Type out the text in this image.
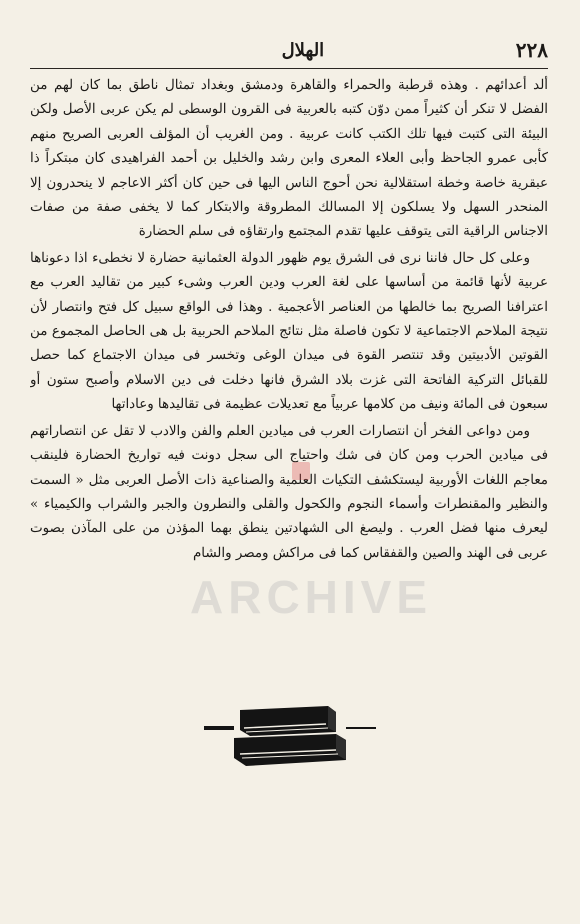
الهلال	٢٢٨

ألد أعدائهم . وهذه قرطبة والحمراء والقاهرة ودمشق وبغداد تمثال ناطق بما كان لهم من الفضل لا تنكر أن كثيراً ممن دوّن كتبه بالعربية فى القرون الوسطى لم يكن عربى الأصل ولكن البيئة التى كتبت فيها تلك الكتب كانت عربية . ومن الغريب أن المؤلف العربى الصريح منهم كأبى عمرو الجاحظ وأبى العلاء المعرى وابن رشد والخليل بن أحمد الفراهيدى كان مبتكراً ذا عبقرية خاصة وخطة استقلالية نحن أحوج الناس اليها فى حين كان أكثر الاعاجم لا ينحدرون إلا المنحدر السهل ولا يسلكون إلا المسالك المطروقة والابتكار كما لا يخفى صفة من صفات الاجناس الراقية التى يتوقف عليها تقدم المجتمع وارتقاؤه فى سلم الحضارة

وعلى كل حال فاننا نرى فى الشرق يوم ظهور الدولة العثمانية حضارة لا نخطىء اذا دعوناها عربية لأنها قائمة من أساسها على لغة العرب ودين العرب وشىء كبير من تقاليد العرب مع اعترافنا الصريح بما خالطها من العناصر الأعجمية . وهذا فى الواقع سبيل كل فتح وانتصار لأن نتيجة الملاحم الاجتماعية لا تكون فاصلة مثل نتائج الملاحم الحربية بل هى الحاصل المجموع من القوتين الأدبيتين وقد تنتصر القوة فى ميدان الوغى وتخسر فى ميدان الاجتماع كما حصل للقبائل التركية الفاتحة التى غزت بلاد الشرق فانها دخلت فى دين الاسلام وأصبح ستون أو سبعون فى المائة ونيف من كلامها عربياً مع تعديلات عظيمة فى تقاليدها وعاداتها

ومن دواعى الفخر أن انتصارات العرب فى ميادين العلم والفن والادب لا تقل عن انتصاراتهم فى ميادين الحرب ومن كان فى شك واحتياج الى سجل دونت فيه تواريخ الحضارة فلينقب معاجم اللغات الأوربية ليستكشف التكيات العلمية والصناعية ذات الأصل العربى مثل « السمت والنظير والمقنطرات وأسماء النجوم والكحول والقلى والنطرون والجبر والشراب والكيمياء » ليعرف منها فضل العرب . وليصغ الى الشهادتين ينطق بهما المؤذن من على المآذن بصوت عربى فى الهند والصين والقفقاس كما فى مراكش ومصر والشام

ARCHIVE
